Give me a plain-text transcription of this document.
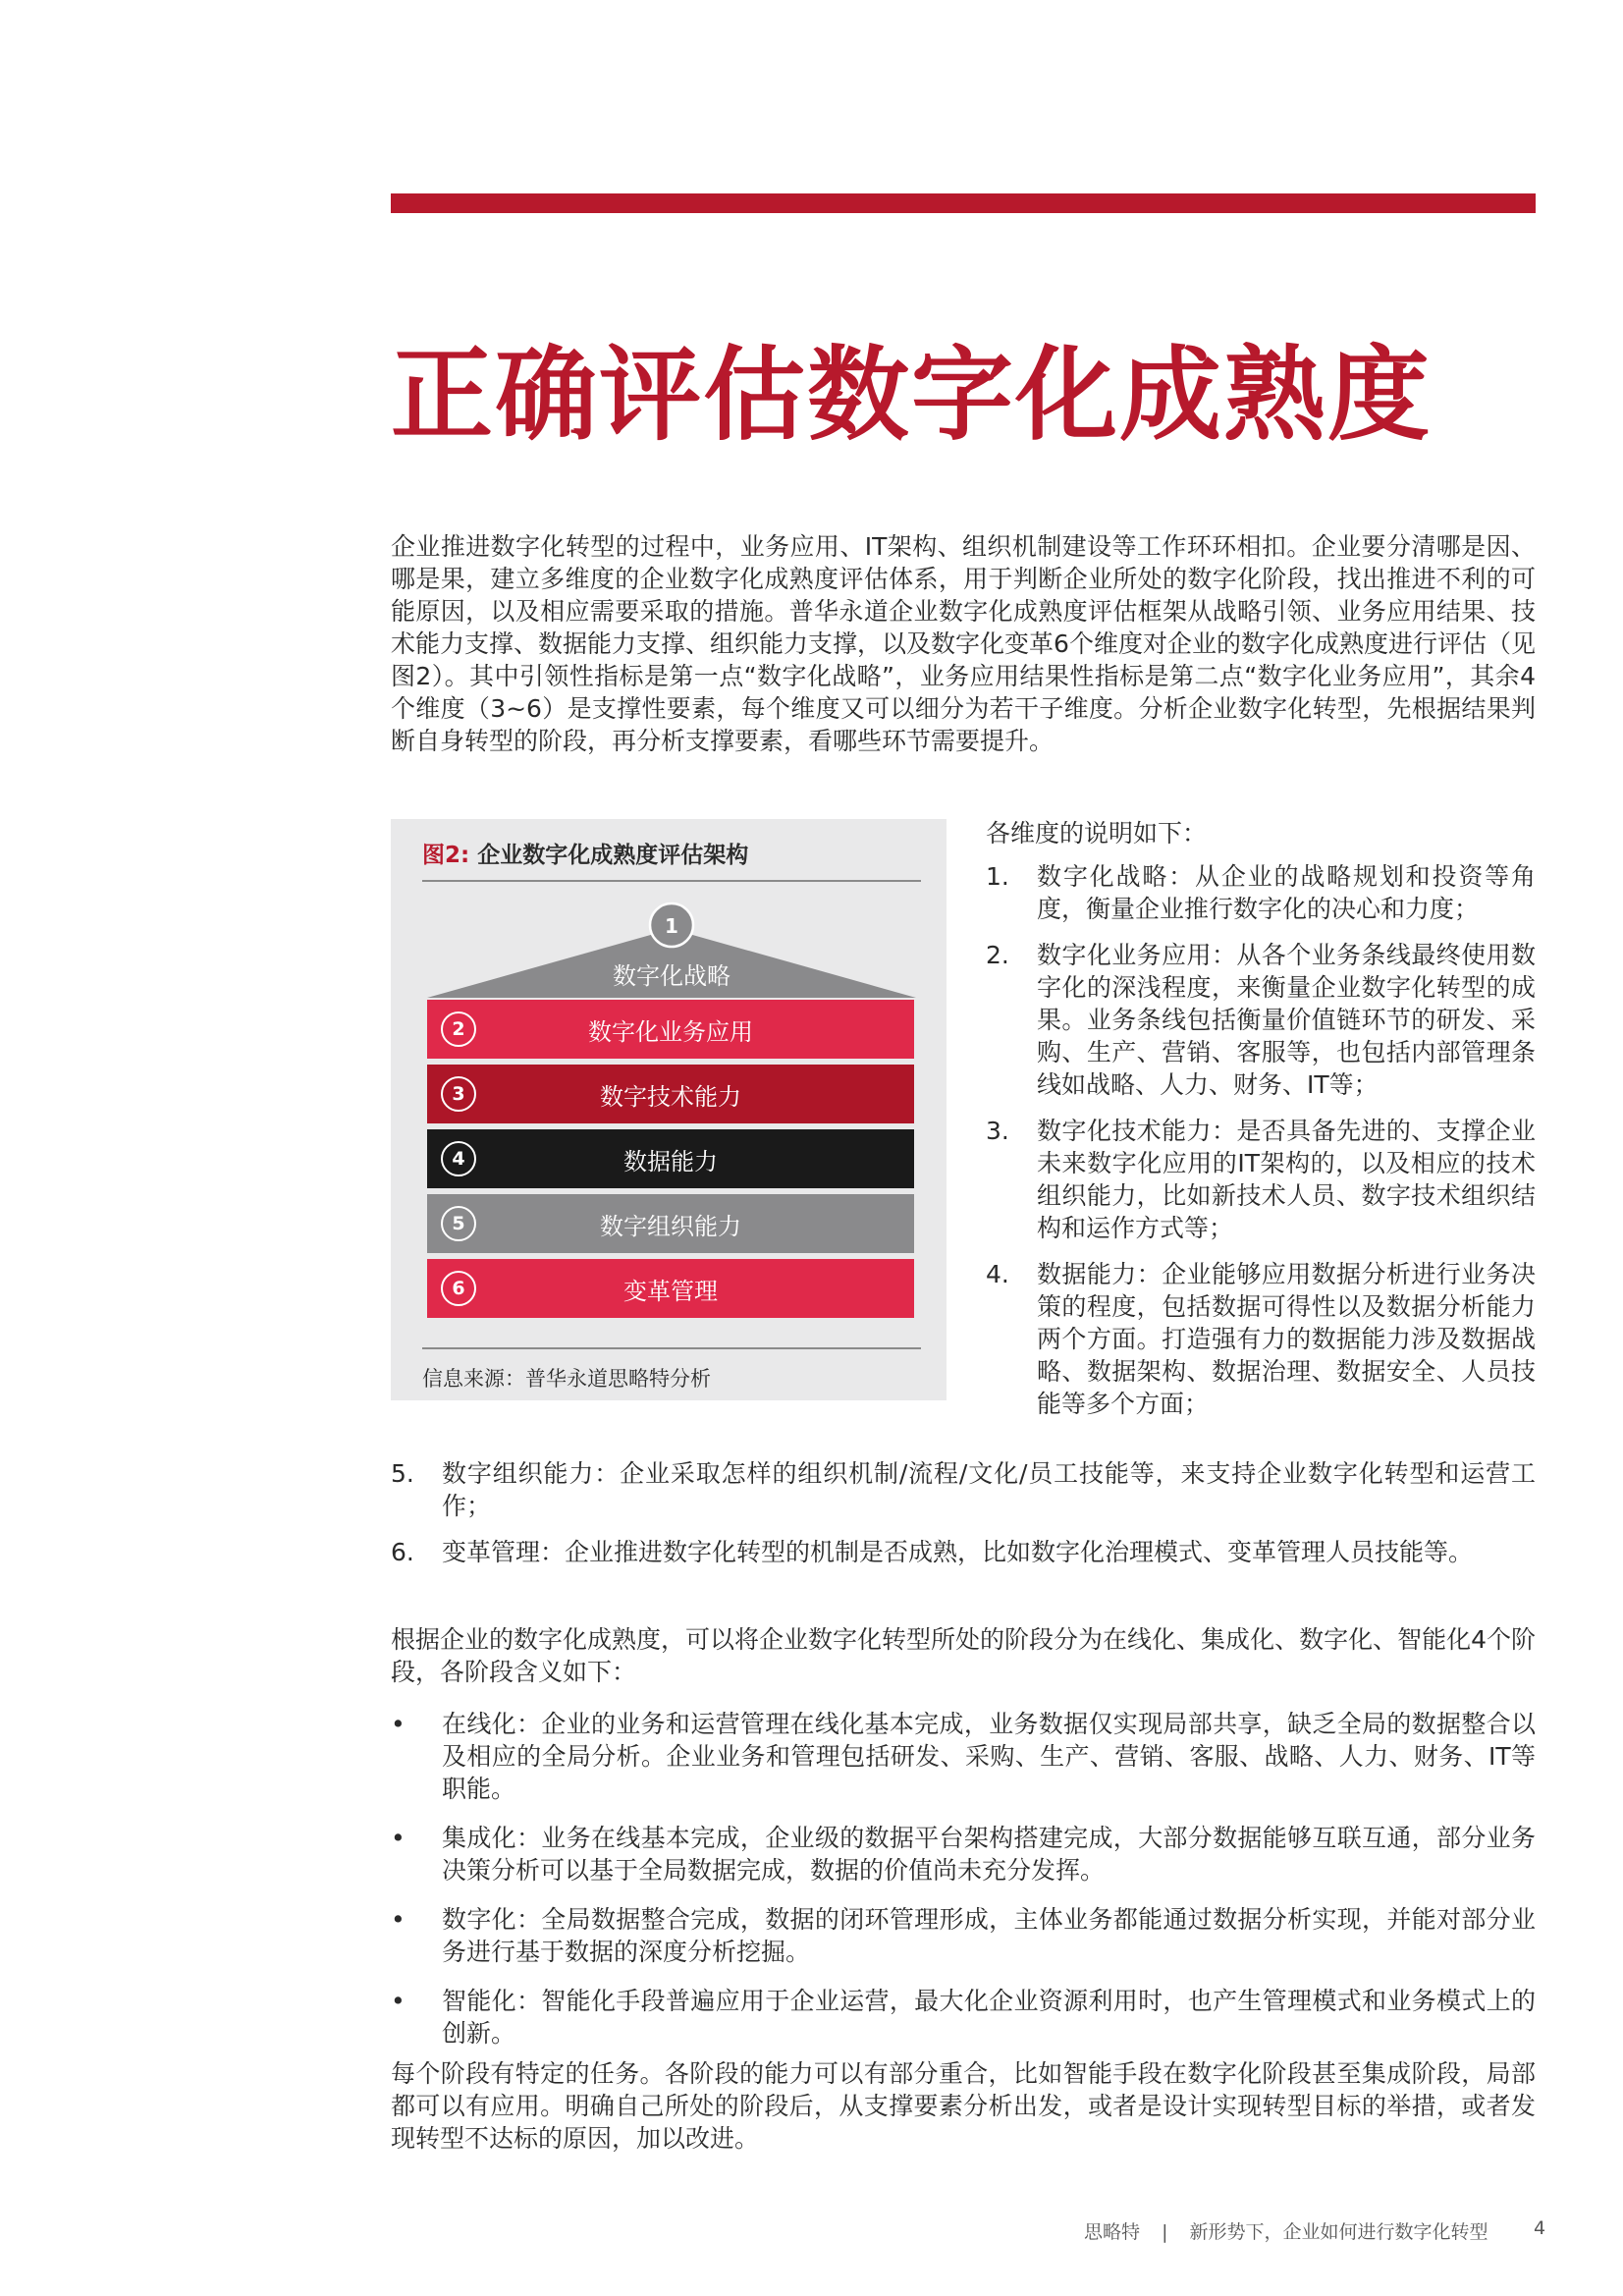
正确评估数字化成熟度

企业推进数字化转型的过程中，业务应用、IT架构、组织机制建设等工作环环相扣。企业要分清哪是因、哪是果，建立多维度的企业数字化成熟度评估体系，用于判断企业所处的数字化阶段，找出推进不利的可能原因，以及相应需要采取的措施。普华永道企业数字化成熟度评估框架从战略引领、业务应用结果、技术能力支撑、数据能力支撑、组织能力支撑，以及数字化变革6个维度对企业的数字化成熟度进行评估（见图2）。其中引领性指标是第一点“数字化战略”，业务应用结果性指标是第二点“数字化业务应用”，其余4个维度（3~6）是支撑性要素，每个维度又可以细分为若干子维度。分析企业数字化转型，先根据结果判断自身转型的阶段，再分析支撑要素，看哪些环节需要提升。

图2: 企业数字化成熟度评估架构
1
数字化战略
2	数字化业务应用
3	数字技术能力
4	数据能力
5	数字组织能力
6	变革管理
信息来源：普华永道思略特分析
各维度的说明如下：
1. 数字化战略：从企业的战略规划和投资等角度，衡量企业推行数字化的决心和力度；
2. 数字化业务应用：从各个业务条线最终使用数字化的深浅程度，来衡量企业数字化转型的成果。业务条线包括衡量价值链环节的研发、采购、生产、营销、客服等，也包括内部管理条线如战略、人力、财务、IT等；
3. 数字化技术能力：是否具备先进的、支撑企业未来数字化应用的IT架构的，以及相应的技术组织能力，比如新技术人员、数字技术组织结构和运作方式等；
4. 数据能力：企业能够应用数据分析进行业务决策的程度，包括数据可得性以及数据分析能力两个方面。打造强有力的数据能力涉及数据战略、数据架构、数据治理、数据安全、人员技能等多个方面；
5. 数字组织能力：企业采取怎样的组织机制/流程/文化/员工技能等，来支持企业数字化转型和运营工作；
6. 变革管理：企业推进数字化转型的机制是否成熟，比如数字化治理模式、变革管理人员技能等。

根据企业的数字化成熟度，可以将企业数字化转型所处的阶段分为在线化、集成化、数字化、智能化4个阶段，各阶段含义如下：

• 在线化：企业的业务和运营管理在线化基本完成，业务数据仅实现局部共享，缺乏全局的数据整合以及相应的全局分析。企业业务和管理包括研发、采购、生产、营销、客服、战略、人力、财务、IT等职能。
• 集成化：业务在线基本完成，企业级的数据平台架构搭建完成，大部分数据能够互联互通，部分业务决策分析可以基于全局数据完成，数据的价值尚未充分发挥。
• 数字化：全局数据整合完成，数据的闭环管理形成，主体业务都能通过数据分析实现，并能对部分业务进行基于数据的深度分析挖掘。
• 智能化：智能化手段普遍应用于企业运营，最大化企业资源利用时，也产生管理模式和业务模式上的创新。

每个阶段有特定的任务。各阶段的能力可以有部分重合，比如智能手段在数字化阶段甚至集成阶段，局部都可以有应用。明确自己所处的阶段后，从支撑要素分析出发，或者是设计实现转型目标的举措，或者发现转型不达标的原因，加以改进。

思略特 | 新形势下，企业如何进行数字化转型 4
